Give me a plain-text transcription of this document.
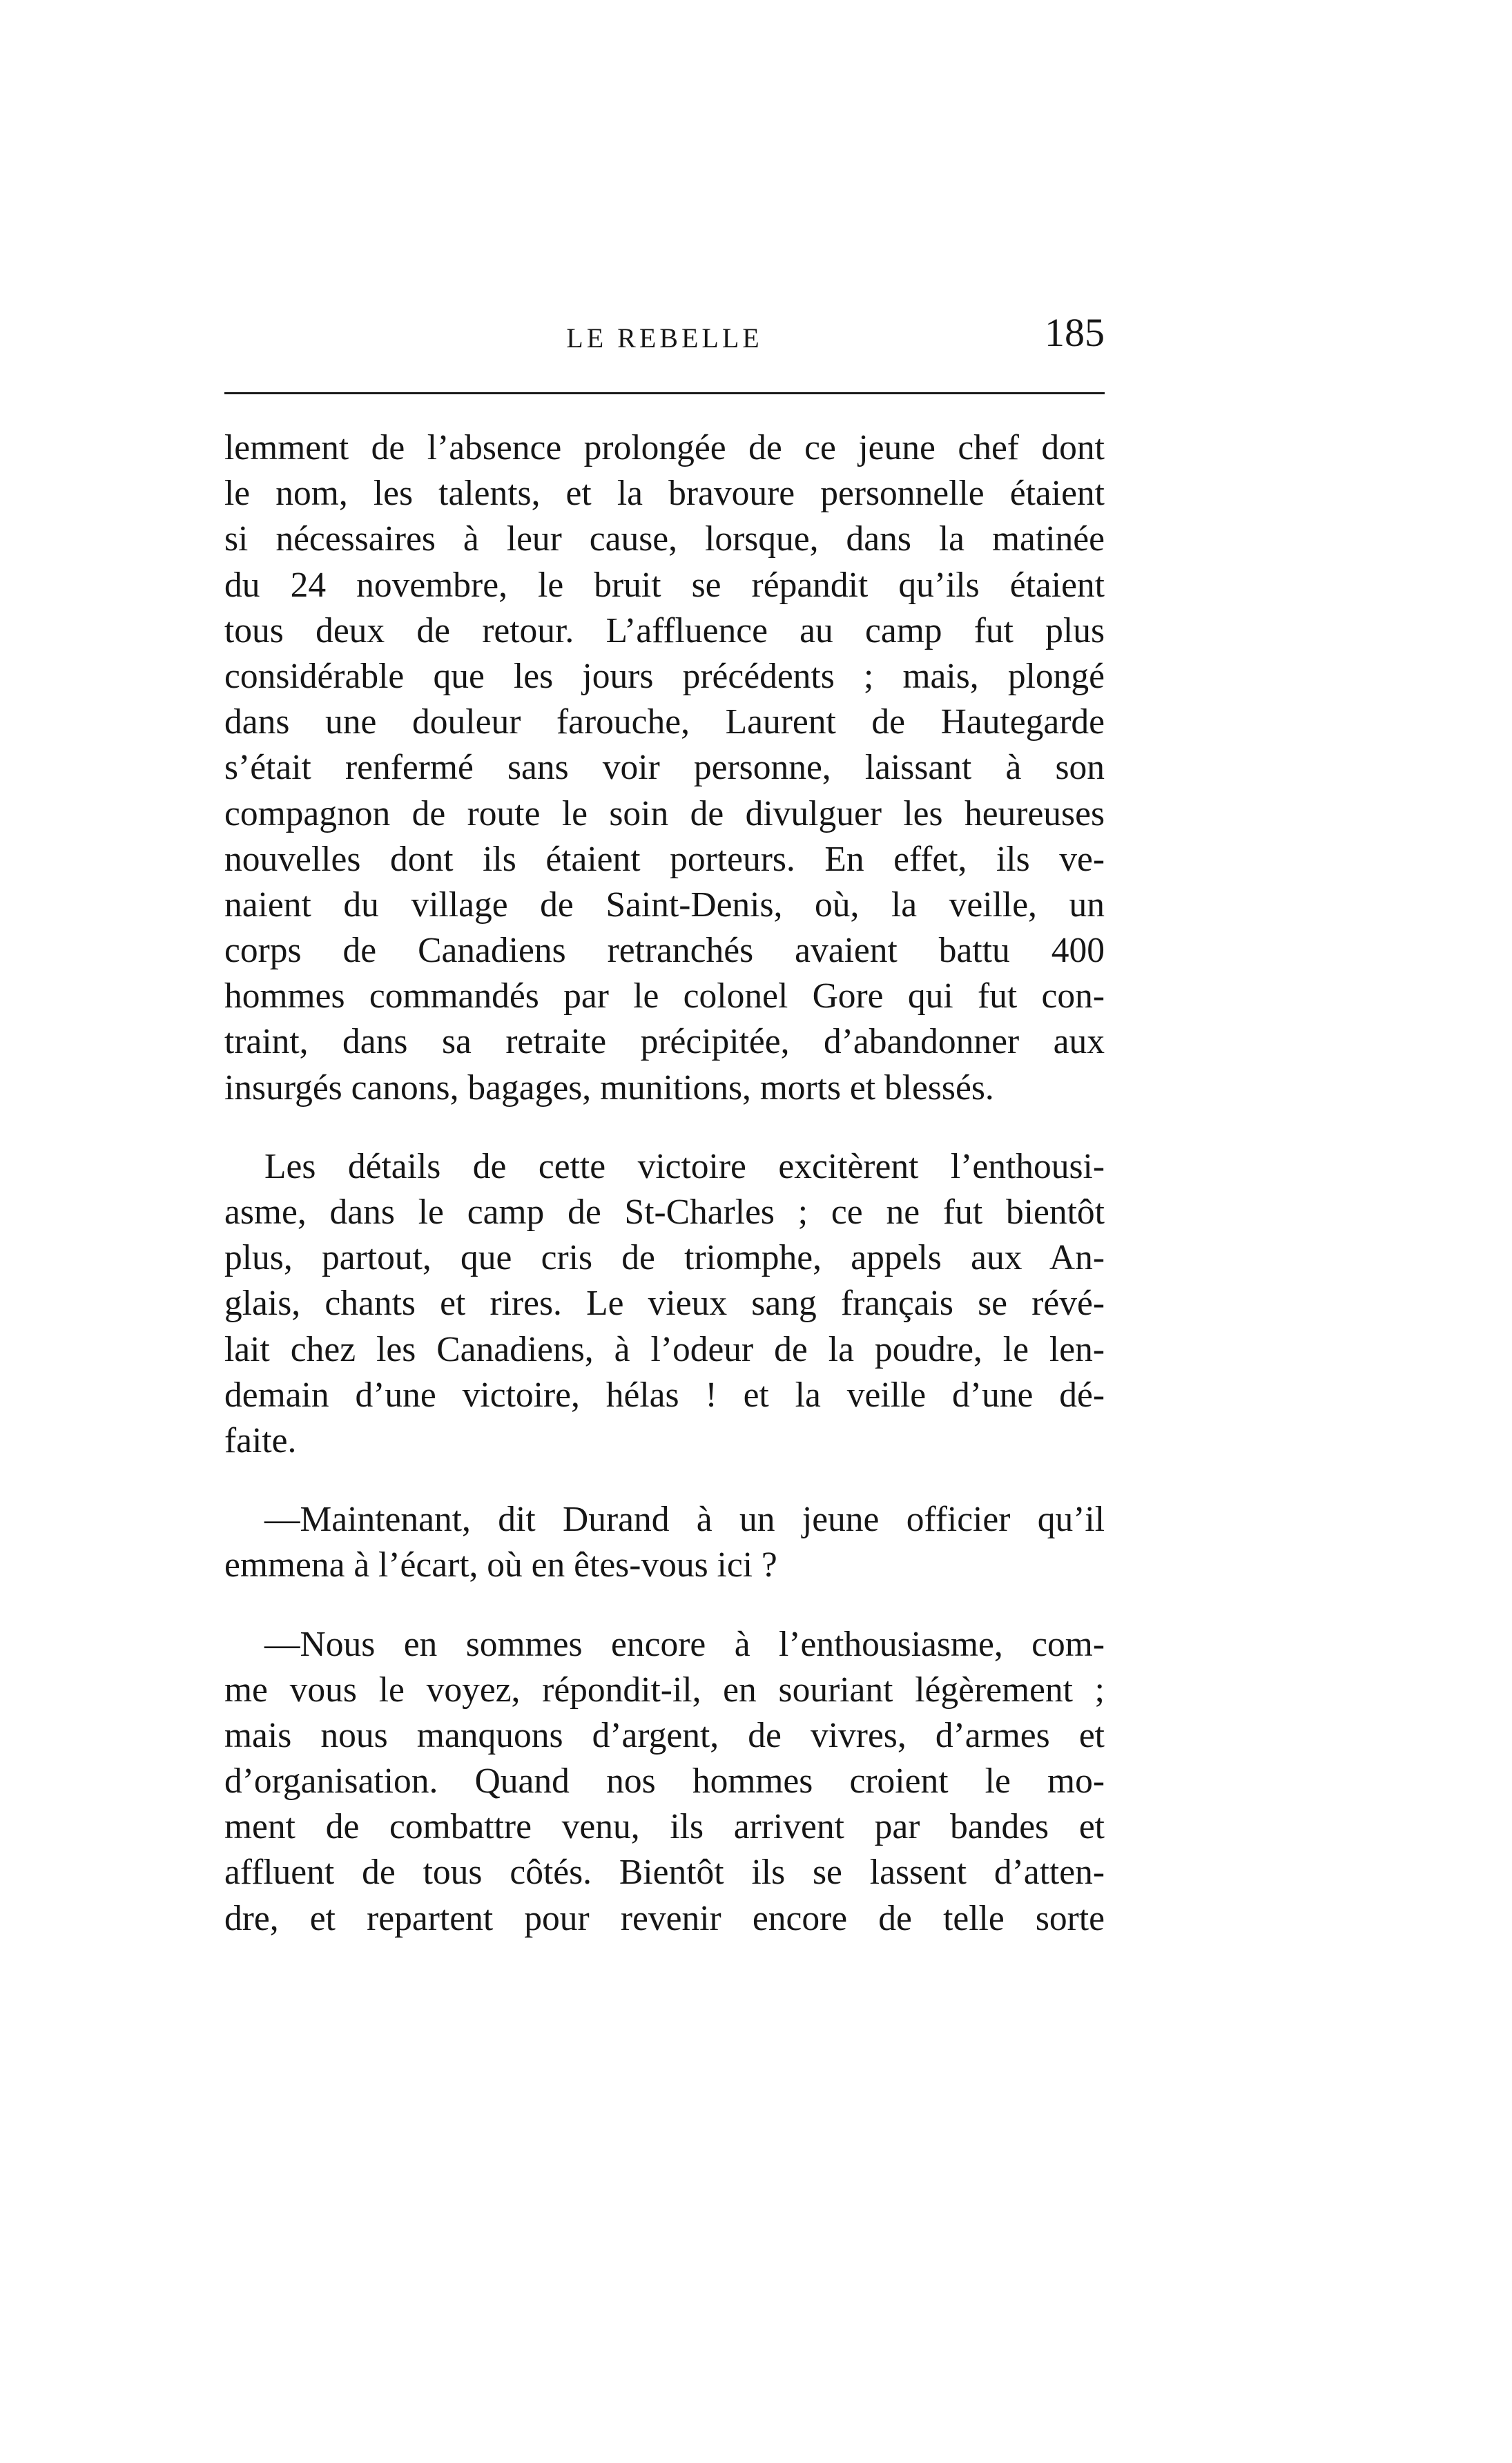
LE REBELLE	185

lemment de l’absence prolongée de ce jeune chef dont
le nom, les talents, et la bravoure personnelle étaient
si nécessaires à leur cause, lorsque, dans la matinée
du 24 novembre, le bruit se répandit qu’ils étaient
tous deux de retour. L’affluence au camp fut plus
considérable que les jours précédents ; mais, plongé
dans une douleur farouche, Laurent de Hautegarde
s’était renfermé sans voir personne, laissant à son
compagnon de route le soin de divulguer les heureuses
nouvelles dont ils étaient porteurs. En effet, ils ve-
naient du village de Saint-Denis, où, la veille, un
corps de Canadiens retranchés avaient battu 400
hommes commandés par le colonel Gore qui fut con-
traint, dans sa retraite précipitée, d’abandonner aux
insurgés canons, bagages, munitions, morts et blessés.

Les détails de cette victoire excitèrent l’enthousi-
asme, dans le camp de St-Charles ; ce ne fut bientôt
plus, partout, que cris de triomphe, appels aux An-
glais, chants et rires. Le vieux sang français se révé-
lait chez les Canadiens, à l’odeur de la poudre, le len-
demain d’une victoire, hélas ! et la veille d’une dé-
faite.

—Maintenant, dit Durand à un jeune officier qu’il
emmena à l’écart, où en êtes-vous ici ?

—Nous en sommes encore à l’enthousiasme, com-
me vous le voyez, répondit-il, en souriant légèrement ;
mais nous manquons d’argent, de vivres, d’armes et
d’organisation. Quand nos hommes croient le mo-
ment de combattre venu, ils arrivent par bandes et
affluent de tous côtés. Bientôt ils se lassent d’atten-
dre, et repartent pour revenir encore de telle sorte
